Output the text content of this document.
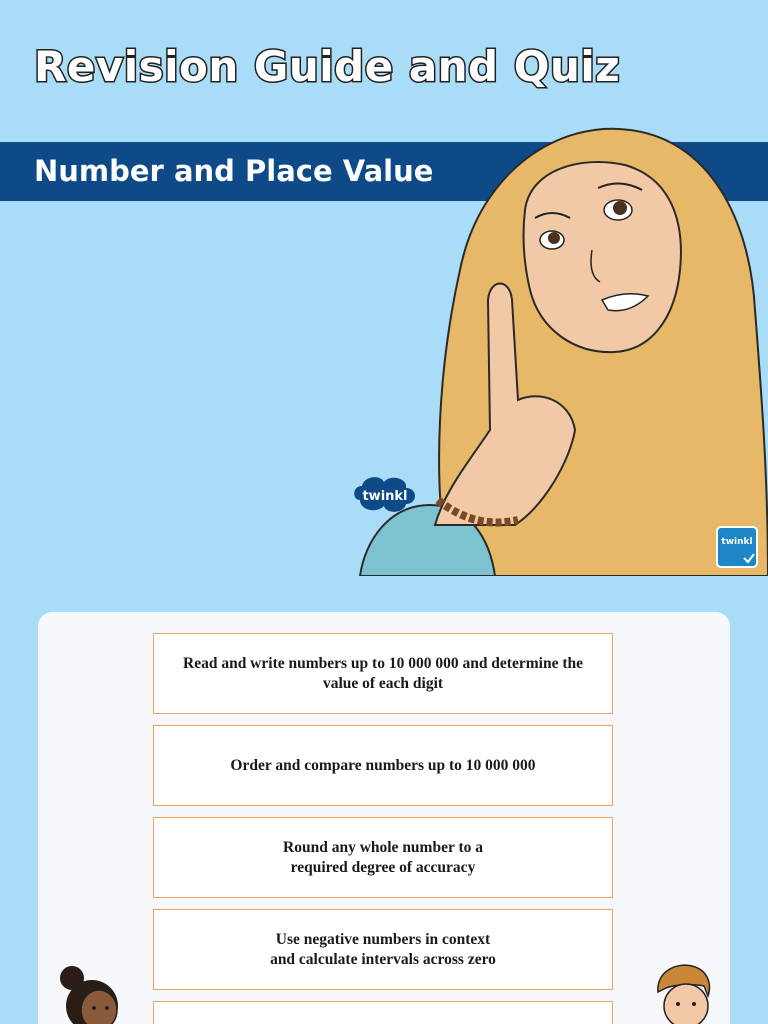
Revision Guide and Quiz
Number and Place Value
twinkl
twinkl
Read and write numbers up to 10 000 000 and determine the
value of each digit
Order and compare numbers up to 10 000 000
Round any whole number to a
required degree of accuracy
Use negative numbers in context
and calculate intervals across zero
